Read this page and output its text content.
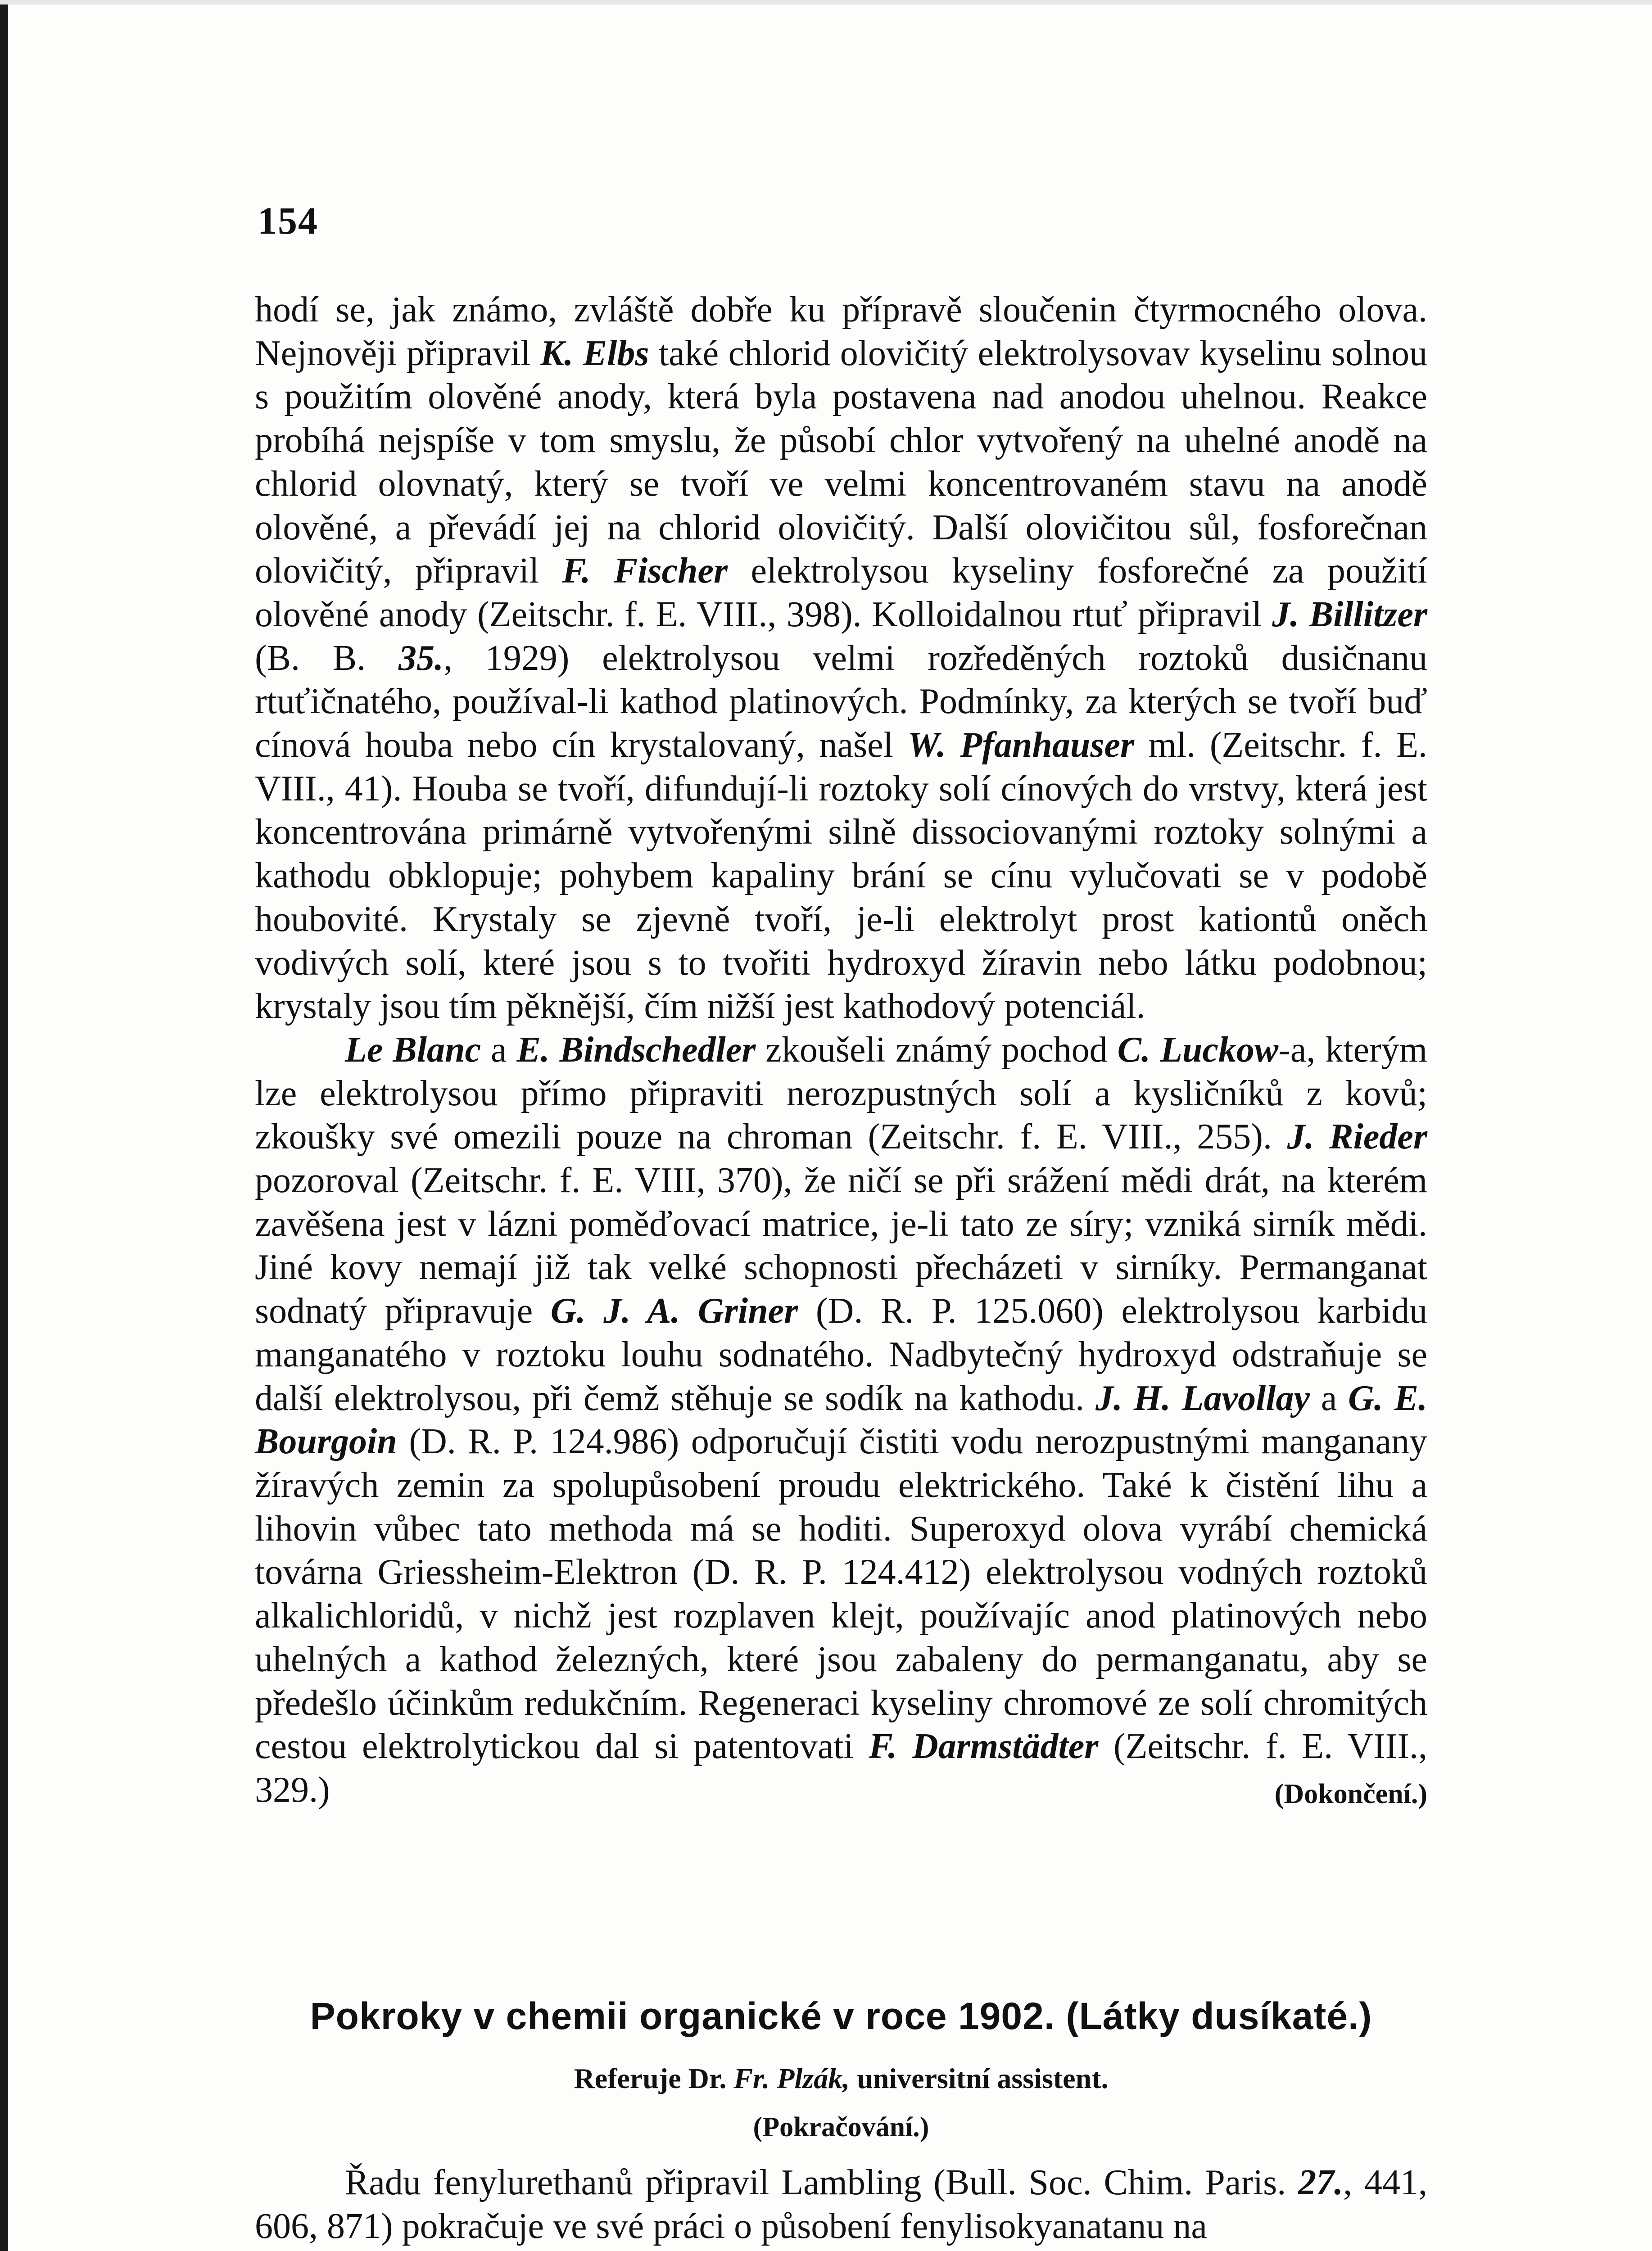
154

hodí se, jak známo, zvláště dobře ku přípravě sloučenin čtyrmocného olova. Nejnověji připravil K. Elbs také chlorid olovičitý elektrolysovav kyselinu solnou s použitím olověné anody, která byla postavena nad anodou uhelnou. Reakce probíhá nejspíše v tom smyslu, že působí chlor vytvořený na uhelné anodě na chlorid olovnatý, který se tvoří ve velmi koncentrovaném stavu na anodě olověné, a převádí jej na chlorid olovičitý. Další olovičitou sůl, fosforečnan olovičitý, připravil F. Fischer elektrolysou kyseliny fosforečné za použití olověné anody (Zeitschr. f. E. VIII., 398). Kolloidalnou rtuť připravil J. Billitzer (B. B. 35., 1929) elektrolysou velmi rozředěných roztoků dusičnanu rtuťičnatého, používal-li kathod platinových. Podmínky, za kterých se tvoří buď cínová houba nebo cín krystalovaný, našel W. Pfanhauser ml. (Zeitschr. f. E. VIII., 41). Houba se tvoří, difundují-li roztoky solí cínových do vrstvy, která jest koncentrována primárně vytvořenými silně dissociovanými roztoky solnými a kathodu obklopuje; pohybem kapaliny brání se cínu vylučovati se v podobě houbovité. Krystaly se zjevně tvoří, je-li elektrolyt prost kationtů oněch vodivých solí, které jsou s to tvořiti hydroxyd žíravin nebo látku podobnou; krystaly jsou tím pěknější, čím nižší jest kathodový potenciál.

Le Blanc a E. Bindschedler zkoušeli známý pochod C. Luckow-a, kterým lze elektrolysou přímo připraviti nerozpustných solí a kysličníků z kovů; zkoušky své omezili pouze na chroman (Zeitschr. f. E. VIII., 255). J. Rieder pozoroval (Zeitschr. f. E. VIII, 370), že ničí se při srážení mědi drát, na kterém zavěšena jest v lázni poměďovací matrice, je-li tato ze síry; vzniká sirník mědi. Jiné kovy nemají již tak velké schopnosti přecházeti v sirníky. Permanganat sodnatý připravuje G. J. A. Griner (D. R. P. 125.060) elektrolysou karbidu manganatého v roztoku louhu sodnatého. Nadbytečný hydroxyd odstraňuje se další elektrolysou, při čemž stěhuje se sodík na kathodu. J. H. Lavollay a G. E. Bourgoin (D. R. P. 124.986) odporučují čistiti vodu nerozpustnými manganany žíravých zemin za spolupůsobení proudu elektrického. Také k čistění lihu a lihovin vůbec tato methoda má se hoditi. Superoxyd olova vyrábí chemická továrna Griessheim-Elektron (D. R. P. 124.412) elektrolysou vodných roztoků alkalichloridů, v nichž jest rozplaven klejt, používajíc anod platinových nebo uhelných a kathod železných, které jsou zabaleny do permanganatu, aby se předešlo účinkům redukčním. Regeneraci kyseliny chromové ze solí chromitých cestou elektrolytickou dal si patentovati F. Darmstädter (Zeitschr. f. E. VIII., 329.)	(Dokončení.)
Pokroky v chemii organické v roce 1902. (Látky dusíkaté.)
Referuje Dr. Fr. Plzák, universitní assistent.
(Pokračování.)

Řadu fenylurethanů připravil Lambling (Bull. Soc. Chim. Paris. 27., 441, 606, 871) pokračuje ve své práci o působení fenylisokyanatanu na
